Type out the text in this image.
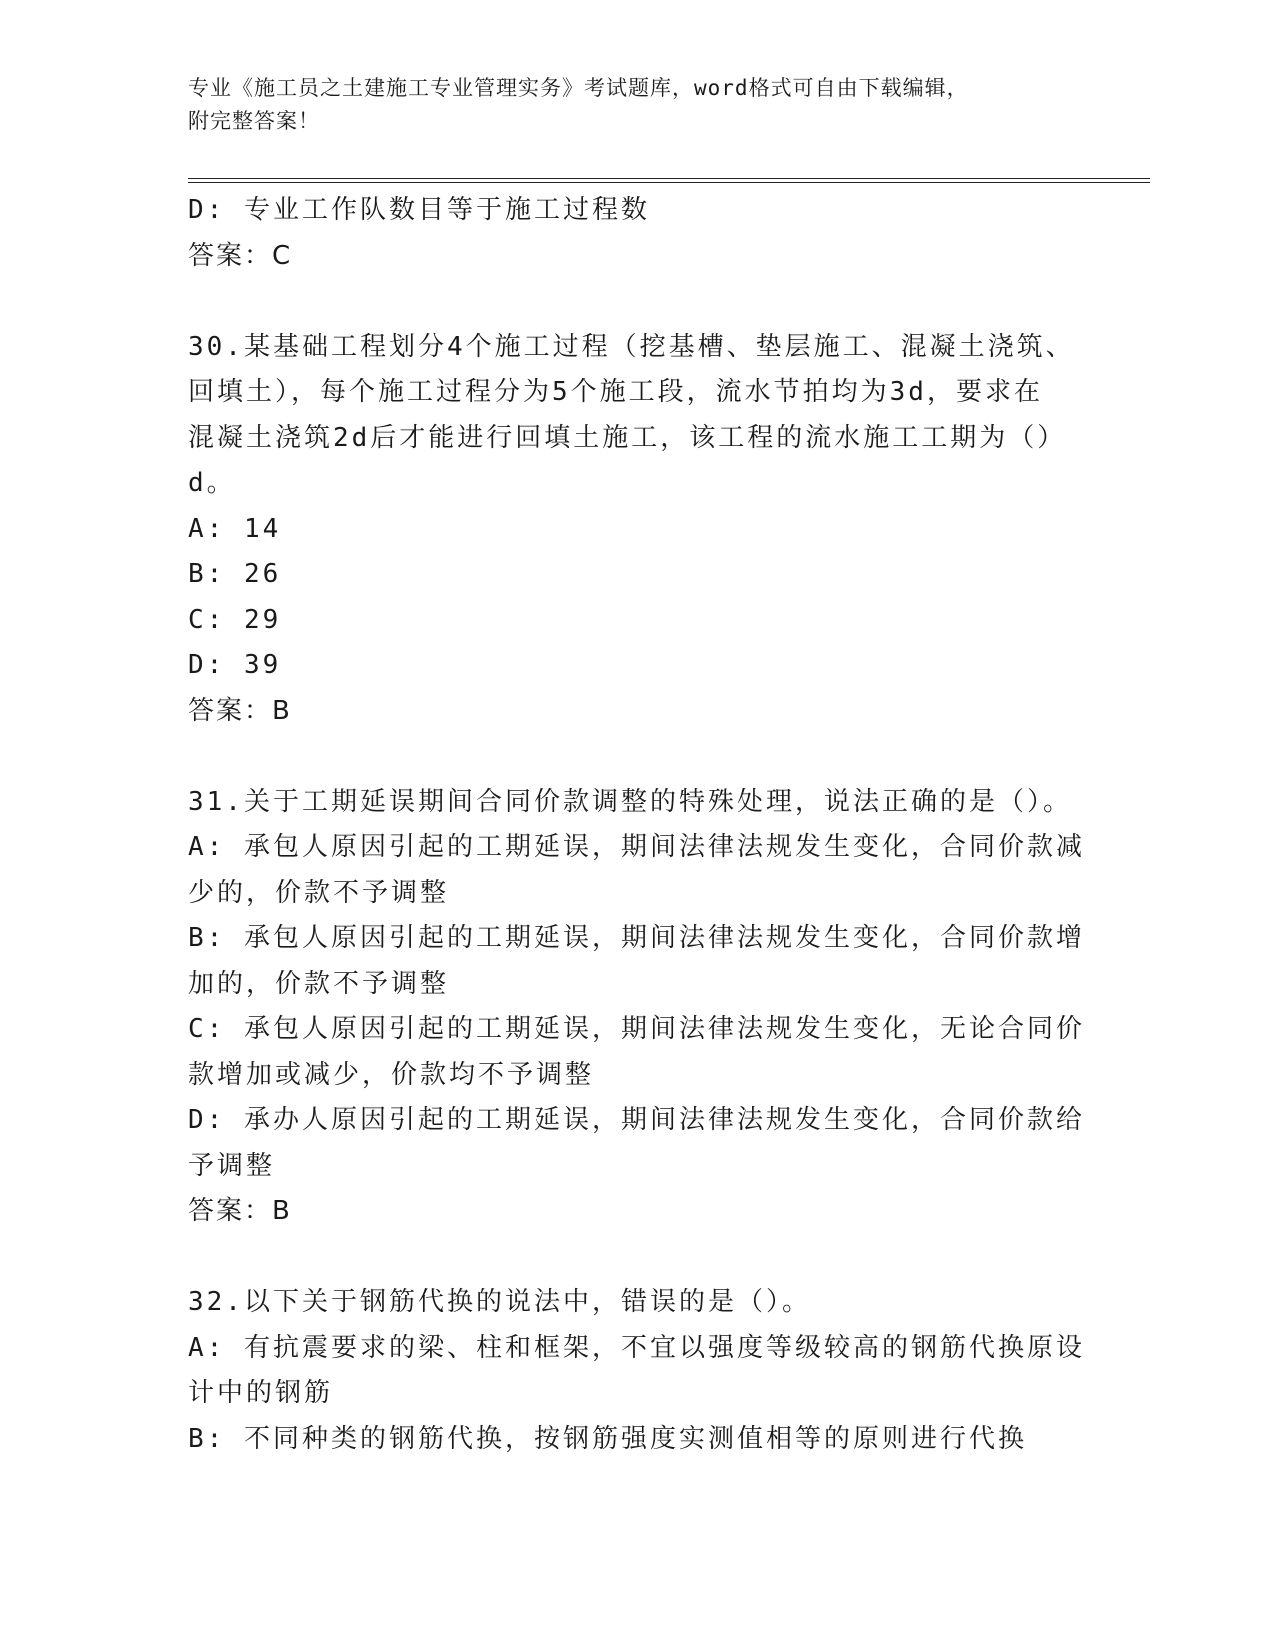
专业《施工员之土建施工专业管理实务》考试题库，word格式可自由下载编辑，
附完整答案！

D: 专业工作队数目等于施工过程数

答案：C

30.某基础工程划分4个施工过程（挖基槽、垫层施工、混凝土浇筑、

回填土），每个施工过程分为5个施工段，流水节拍均为3d，要求在

混凝土浇筑2d后才能进行回填土施工，该工程的流水施工工期为（）

d。

A: 14

B: 26

C: 29

D: 39

答案：B

31.关于工期延误期间合同价款调整的特殊处理，说法正确的是（）。

A: 承包人原因引起的工期延误，期间法律法规发生变化，合同价款减

少的，价款不予调整

B: 承包人原因引起的工期延误，期间法律法规发生变化，合同价款增

加的，价款不予调整

C: 承包人原因引起的工期延误，期间法律法规发生变化，无论合同价

款增加或减少，价款均不予调整

D: 承办人原因引起的工期延误，期间法律法规发生变化，合同价款给

予调整

答案：B

32.以下关于钢筋代换的说法中，错误的是（）。

A: 有抗震要求的梁、柱和框架，不宜以强度等级较高的钢筋代换原设

计中的钢筋

B: 不同种类的钢筋代换，按钢筋强度实测值相等的原则进行代换
